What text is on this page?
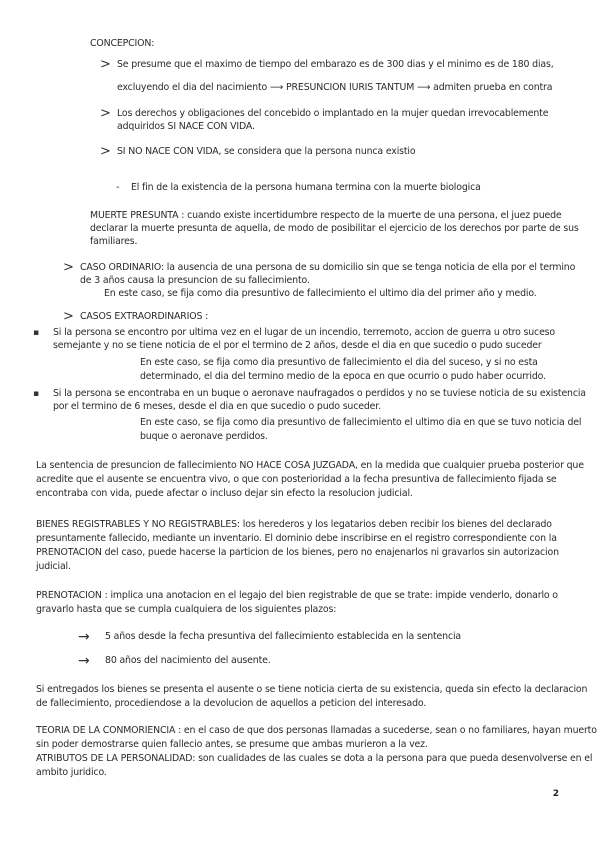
CONCEPCION:
> Se presume que el maximo de tiempo del embarazo es de 300 dias y el minimo es de 180 dias,
excluyendo el dia del nacimiento ⟶ PRESUNCION IURIS TANTUM ⟶ admiten prueba en contra
> Los derechos y obligaciones del concebido o implantado en la mujer quedan irrevocablemente
adquiridos SI NACE CON VIDA.
> SI NO NACE CON VIDA, se considera que la persona nunca existio
- El fin de la existencia de la persona humana termina con la muerte biologica
MUERTE PRESUNTA : cuando existe incertidumbre respecto de la muerte de una persona, el juez puede
declarar la muerte presunta de aquella, de modo de posibilitar el ejercicio de los derechos por parte de sus
familiares.
> CASO ORDINARIO: la ausencia de una persona de su domicilio sin que se tenga noticia de ella por el termino
de 3 años causa la presuncion de su fallecimiento.
En este caso, se fija como dia presuntivo de fallecimiento el ultimo dia del primer año y medio.
> CASOS EXTRAORDINARIOS :
▪ Si la persona se encontro por ultima vez en el lugar de un incendio, terremoto, accion de guerra u otro suceso
semejante y no se tiene noticia de el por el termino de 2 años, desde el dia en que sucedio o pudo suceder
En este caso, se fija como dia presuntivo de fallecimiento el dia del suceso, y si no esta
determinado, el dia del termino medio de la epoca en que ocurrio o pudo haber ocurrido.
▪ Si la persona se encontraba en un buque o aeronave naufragados o perdidos y no se tuviese noticia de su existencia
por el termino de 6 meses, desde el dia en que sucedio o pudo suceder.
En este caso, se fija como dia presuntivo de fallecimiento el ultimo dia en que se tuvo noticia del
buque o aeronave perdidos.
La sentencia de presuncion de fallecimiento NO HACE COSA JUZGADA, en la medida que cualquier prueba posterior que
acredite que el ausente se encuentra vivo, o que con posterioridad a la fecha presuntiva de fallecimiento fijada se
encontraba con vida, puede afectar o incluso dejar sin efecto la resolucion judicial.
BIENES REGISTRABLES Y NO REGISTRABLES: los herederos y los legatarios deben recibir los bienes del declarado
presuntamente fallecido, mediante un inventario. El dominio debe inscribirse en el registro correspondiente con la
PRENOTACION del caso, puede hacerse la particion de los bienes, pero no enajenarlos ni gravarlos sin autorizacion
judicial.
PRENOTACION : implica una anotacion en el legajo del bien registrable de que se trate: impide venderlo, donarlo o
gravarlo hasta que se cumpla cualquiera de los siguientes plazos:
→ 5 años desde la fecha presuntiva del fallecimiento establecida en la sentencia
→ 80 años del nacimiento del ausente.
Si entregados los bienes se presenta el ausente o se tiene noticia cierta de su existencia, queda sin efecto la declaracion
de fallecimiento, procediendose a la devolucion de aquellos a peticion del interesado.
TEORIA DE LA CONMORIENCIA : en el caso de que dos personas llamadas a sucederse, sean o no familiares, hayan muerto
sin poder demostrarse quien fallecio antes, se presume que ambas murieron a la vez.
ATRIBUTOS DE LA PERSONALIDAD: son cualidades de las cuales se dota a la persona para que pueda desenvolverse en el
ambito juridico.
2
